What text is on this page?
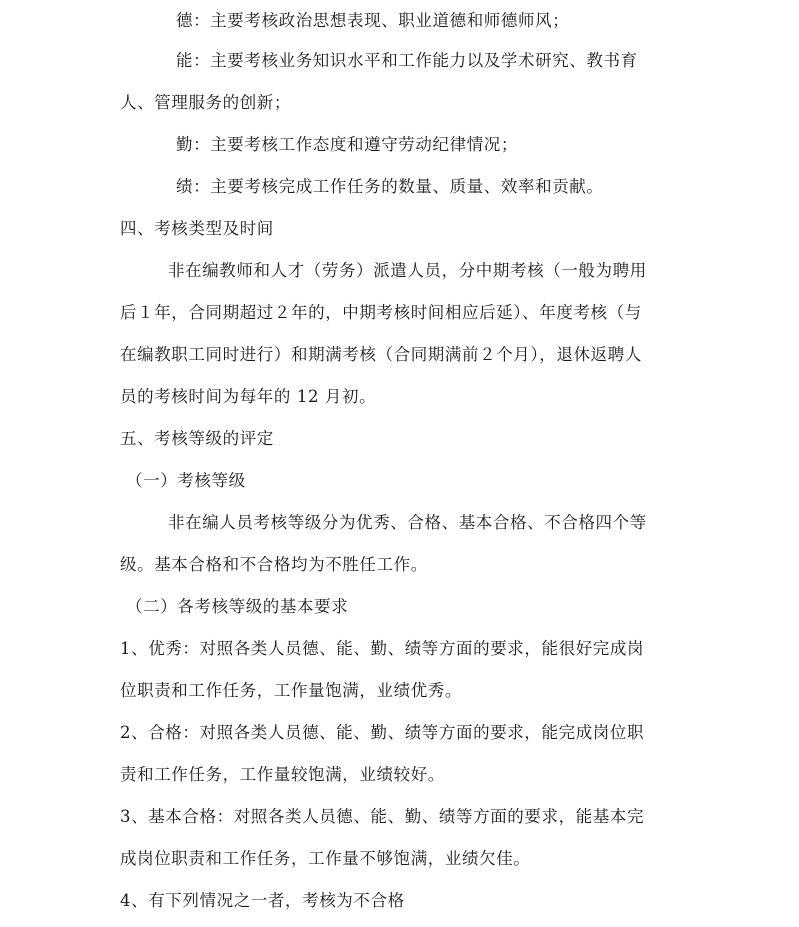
德：主要考核政治思想表现、职业道德和师德师风；
能：主要考核业务知识水平和工作能力以及学术研究、教书育
人、管理服务的创新；
勤：主要考核工作态度和遵守劳动纪律情况；
绩：主要考核完成工作任务的数量、质量、效率和贡献。
四、考核类型及时间
非在编教师和人才（劳务）派遣人员，分中期考核（一般为聘用
后１年，合同期超过２年的，中期考核时间相应后延）、年度考核（与
在编教职工同时进行）和期满考核（合同期满前２个月），退休返聘人
员的考核时间为每年的 12 月初。
五、考核等级的评定
（一）考核等级
非在编人员考核等级分为优秀、合格、基本合格、不合格四个等
级。基本合格和不合格均为不胜任工作。
（二）各考核等级的基本要求
1、优秀：对照各类人员德、能、勤、绩等方面的要求，能很好完成岗
位职责和工作任务，工作量饱满，业绩优秀。
2、合格：对照各类人员德、能、勤、绩等方面的要求，能完成岗位职
责和工作任务，工作量较饱满，业绩较好。
3、基本合格：对照各类人员德、能、勤、绩等方面的要求，能基本完
成岗位职责和工作任务，工作量不够饱满，业绩欠佳。
4、有下列情况之一者，考核为不合格
